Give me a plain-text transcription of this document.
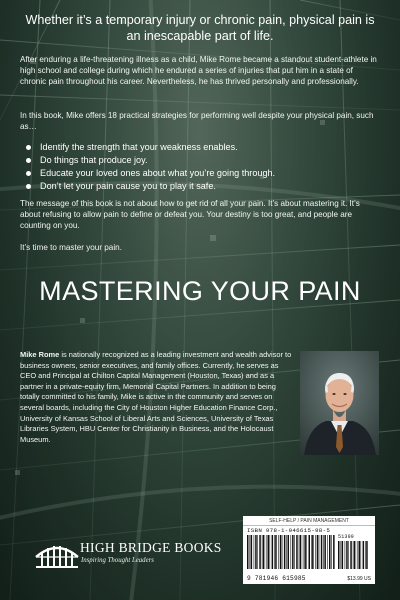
Whether it’s a temporary injury or chronic pain, physical pain is an inescapable part of life.

After enduring a life-threatening illness as a child, Mike Rome became a standout student-athlete in high school and college during which he endured a series of injuries that put him in a state of chronic pain throughout his career. Nevertheless, he has thrived personally and professionally.

In this book, Mike offers 18 practical strategies for performing well despite your physical pain, such as…

Identify the strength that your weakness enables.
Do things that produce joy.
Educate your loved ones about what you’re going through.
Don’t let your pain cause you to play it safe.

The message of this book is not about how to get rid of all your pain. It’s about mastering it. It’s about refusing to allow pain to define or defeat you. Your destiny is too great, and people are counting on you.

It’s time to master your pain.

MASTERING YOUR PAIN

Mike Rome is nationally recognized as a leading investment and wealth advisor to business owners, senior executives, and family offices. Currently, he serves as CEO and Principal at Chilton Capital Management (Houston, Texas) and as a partner in a private-equity firm, Memorial Capital Partners. In addition to being totally committed to his family, Mike is active in the community and serves on several boards, including the City of Houston Higher Education Finance Corp., University of Kansas School of Liberal Arts and Sciences, University of Texas Libraries System, HBU Center for Christianity in Business, and the Holocaust Museum.

HIGH BRIDGE BOOKS
Inspiring Thought Leaders
SELF-HELP / PAIN MANAGEMENT
ISBN 978-1-946615-98-5
51399
9 781946 615985	$13.99 US
